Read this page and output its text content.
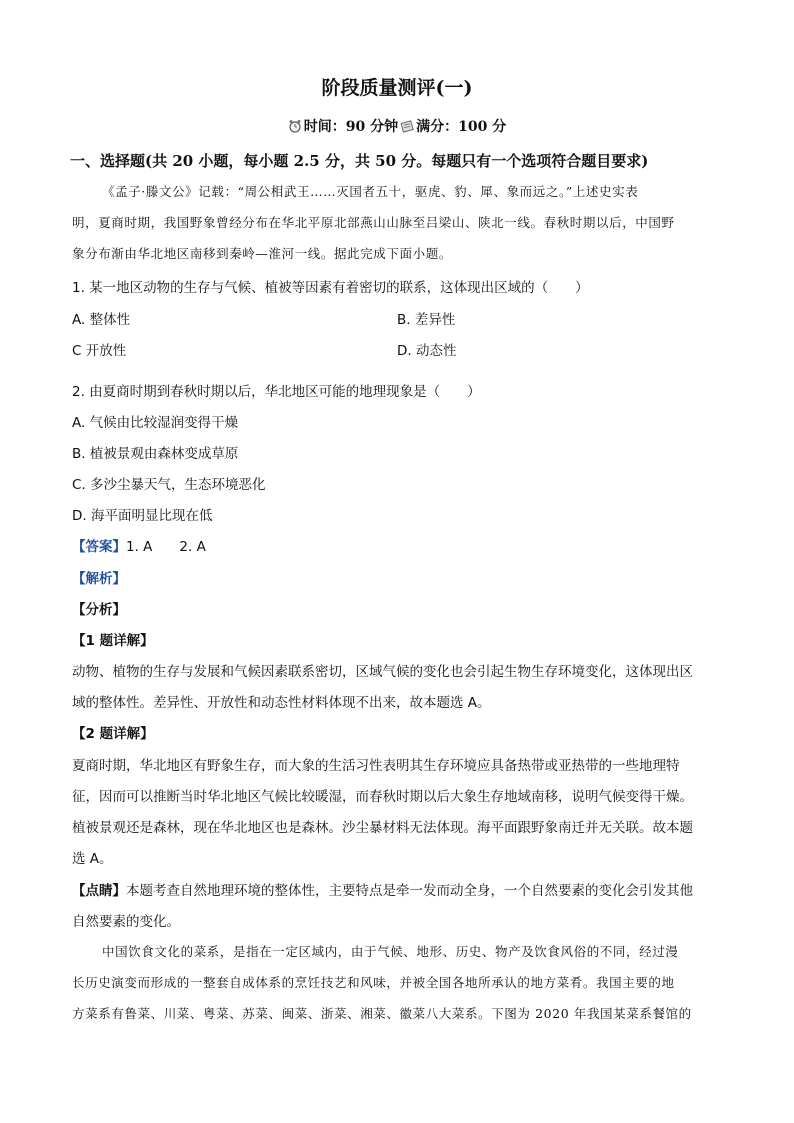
阶段质量测评(一)
时间：90 分钟 满分：100 分
一、选择题(共 20 小题，每小题 2.5 分，共 50 分。每题只有一个选项符合题目要求)
《孟子·滕文公》记载：“周公相武王……灭国者五十，驱虎、豹、犀、象而远之。”上述史实表
明，夏商时期，我国野象曾经分布在华北平原北部燕山山脉至吕梁山、陕北一线。春秋时期以后，中国野
象分布渐由华北地区南移到秦岭—淮河一线。据此完成下面小题。
1. 某一地区动物的生存与气候、植被等因素有着密切的联系，这体现出区域的（　　）
A. 整体性	B. 差异性
C 开放性	D. 动态性
2. 由夏商时期到春秋时期以后，华北地区可能的地理现象是（　　）
A. 气候由比较湿润变得干燥
B. 植被景观由森林变成草原
C. 多沙尘暴天气，生态环境恶化
D. 海平面明显比现在低
【答案】1. A　　2. A
【解析】
【分析】
【1 题详解】
动物、植物的生存与发展和气候因素联系密切，区域气候的变化也会引起生物生存环境变化，这体现出区
域的整体性。差异性、开放性和动态性材料体现不出来，故本题选 A。
【2 题详解】
夏商时期，华北地区有野象生存，而大象的生活习性表明其生存环境应具备热带或亚热带的一些地理特
征，因而可以推断当时华北地区气候比较暖湿，而春秋时期以后大象生存地域南移，说明气候变得干燥。
植被景观还是森林，现在华北地区也是森林。沙尘暴材料无法体现。海平面跟野象南迁并无关联。故本题
选 A。
【点睛】本题考查自然地理环境的整体性，主要特点是牵一发而动全身，一个自然要素的变化会引发其他
自然要素的变化。
中国饮食文化的菜系，是指在一定区域内，由于气候、地形、历史、物产及饮食风俗的不同，经过漫
长历史演变而形成的一整套自成体系的烹饪技艺和风味，并被全国各地所承认的地方菜肴。我国主要的地
方菜系有鲁菜、川菜、粤菜、苏菜、闽菜、浙菜、湘菜、徽菜八大菜系。下图为 2020 年我国某菜系餐馆的
